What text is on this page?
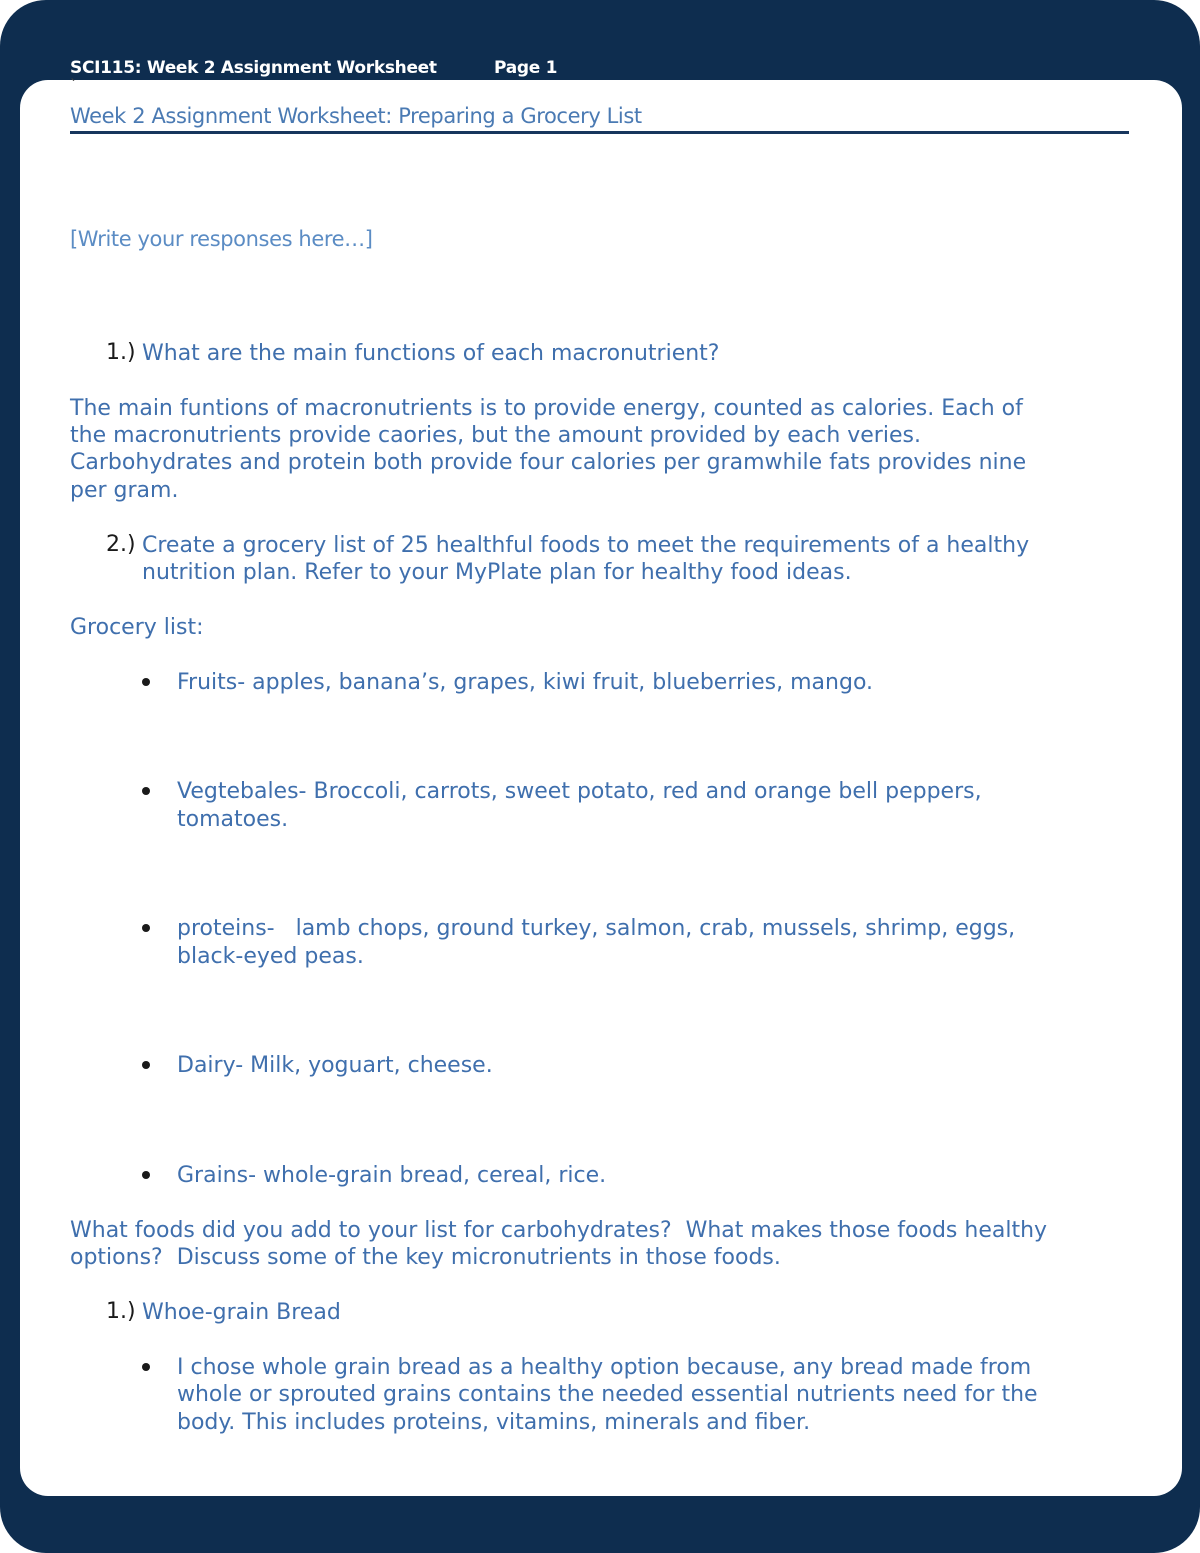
SCI115: Week 2 Assignment Worksheet	Page 1
`
Week 2 Assignment Worksheet: Preparing a Grocery List
[Write your responses here…]
1.) What are the main functions of each macronutrient?

The main funtions of macronutrients is to provide energy, counted as calories. Each of

the macronutrients provide caories, but the amount provided by each veries.

Carbohydrates and protein both provide four calories per gramwhile fats provides nine

per gram.

2.) Create a grocery list of 25 healthful foods to meet the requirements of a healthy

nutrition plan. Refer to your MyPlate plan for healthy food ideas.

Grocery list:

Fruits- apples, banana’s, grapes, kiwi fruit, blueberries, mango.

Vegtebales- Broccoli, carrots, sweet potato, red and orange bell peppers,

tomatoes.

proteins-   lamb chops, ground turkey, salmon, crab, mussels, shrimp, eggs,

black-eyed peas.

Dairy- Milk, yoguart, cheese.

Grains- whole-grain bread, cereal, rice.

What foods did you add to your list for carbohydrates?  What makes those foods healthy

options?  Discuss some of the key micronutrients in those foods.

1.) Whoe-grain Bread

I chose whole grain bread as a healthy option because, any bread made from

whole or sprouted grains contains the needed essential nutrients need for the

body. This includes proteins, vitamins, minerals and fiber.
